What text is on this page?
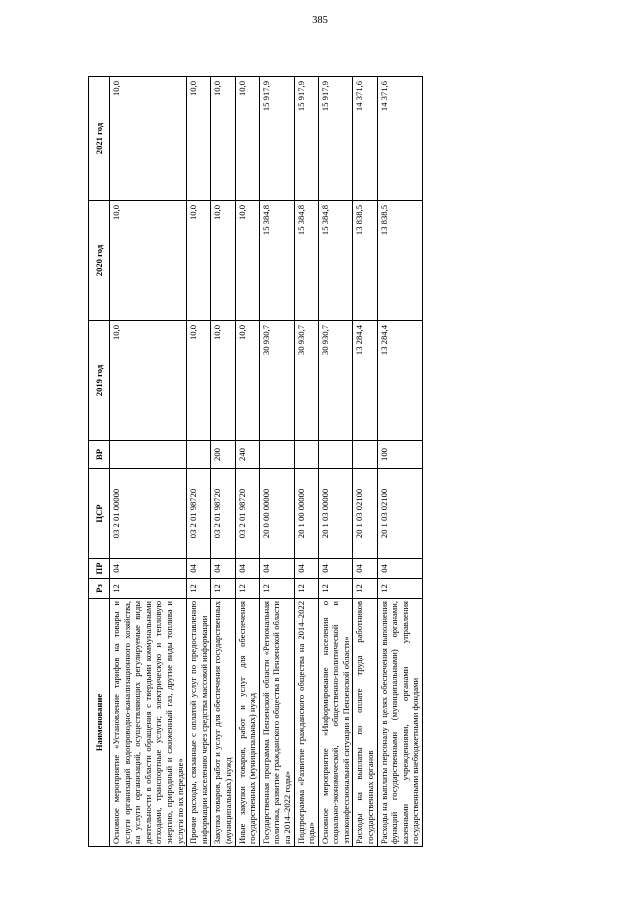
385
Наименование	Рз	ПР	ЦСР	ВР	2019 год	2020 год	2021 год
Основное мероприятие «Установление тарифов на товары и услуги организаций водопроводно-канализационного хозяйства, на услуги организаций, осуществляющих регулируемые виды деятельности в области обращения с твердыми коммунальными отходами, транспортные услуги; электрическую и тепловую энергию, природный и сжиженный газ, другие виды топлива и услуги по их передаче»	12	04	03 2 01 00000		10,0	10,0	10,0
Прочие расходы, связанные с оплатой услуг по предоставлению информации населению через средства массовой информации	12	04	03 2 01 98720		10,0	10,0	10,0
Закупка товаров, работ и услуг для обеспечения государственных (муниципальных) нужд	12	04	03 2 01 98720	200	10,0	10,0	10,0
Иные закупки товаров, работ и услуг для обеспечения государственных (муниципальных) нужд	12	04	03 2 01 98720	240	10,0	10,0	10,0
Государственная программа Пензенской области «Региональная политика, развитие гражданского общества в Пензенской области на 2014–2022 годы»	12	04	20 0 00 00000		30 930,7	15 384,8	15 917,9
Подпрограмма «Развитие гражданского общества на 2014–2022 годы»	12	04	20 1 00 00000		30 930,7	15 384,8	15 917,9
Основное мероприятие «Информирование населения о социально-экономической, общественно-политической и этноконфессиональной ситуации в Пензенской области»	12	04	20 1 03 00000		30 930,7	15 384,8	15 917,9
Расходы на выплаты по оплате труда работников государственных органов	12	04	20 1 03 02100		13 284,4	13 838,5	14 371,6
Расходы на выплаты персоналу в целях обеспечения выполнения функций государственными (муниципальными) органами, казенными учреждениями, органами управления государственными внебюджетными фондами	12	04	20 1 03 02100	100	13 284,4	13 838,5	14 371,6
